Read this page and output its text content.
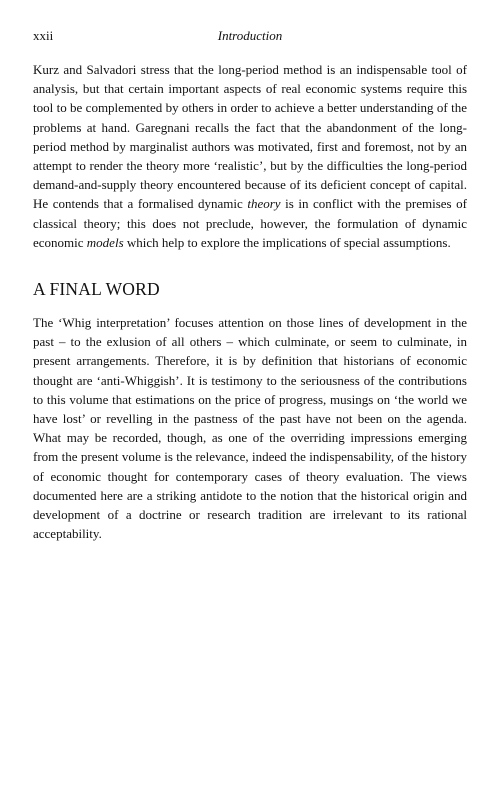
xxii	Introduction

Kurz and Salvadori stress that the long-period method is an indispensable tool of analysis, but that certain important aspects of real economic systems require this tool to be complemented by others in order to achieve a better understanding of the problems at hand. Garegnani recalls the fact that the abandonment of the long-period method by marginalist authors was motivated, first and foremost, not by an attempt to render the theory more ‘realistic’, but by the difficulties the long-period demand-and-supply theory encountered because of its deficient concept of capital. He contends that a formalised dynamic theory is in conflict with the premises of classical theory; this does not preclude, however, the formulation of dynamic economic models which help to explore the implications of special assumptions.

A FINAL WORD

The ‘Whig interpretation’ focuses attention on those lines of development in the past – to the exlusion of all others – which culminate, or seem to culminate, in present arrangements. Therefore, it is by definition that historians of economic thought are ‘anti-Whiggish’. It is testimony to the seriousness of the contributions to this volume that estimations on the price of progress, musings on ‘the world we have lost’ or revelling in the pastness of the past have not been on the agenda. What may be recorded, though, as one of the overriding impressions emerging from the present volume is the relevance, indeed the indispensability, of the history of economic thought for contemporary cases of theory evaluation. The views documented here are a striking antidote to the notion that the historical origin and development of a doctrine or research tradition are irrelevant to its rational acceptability.
